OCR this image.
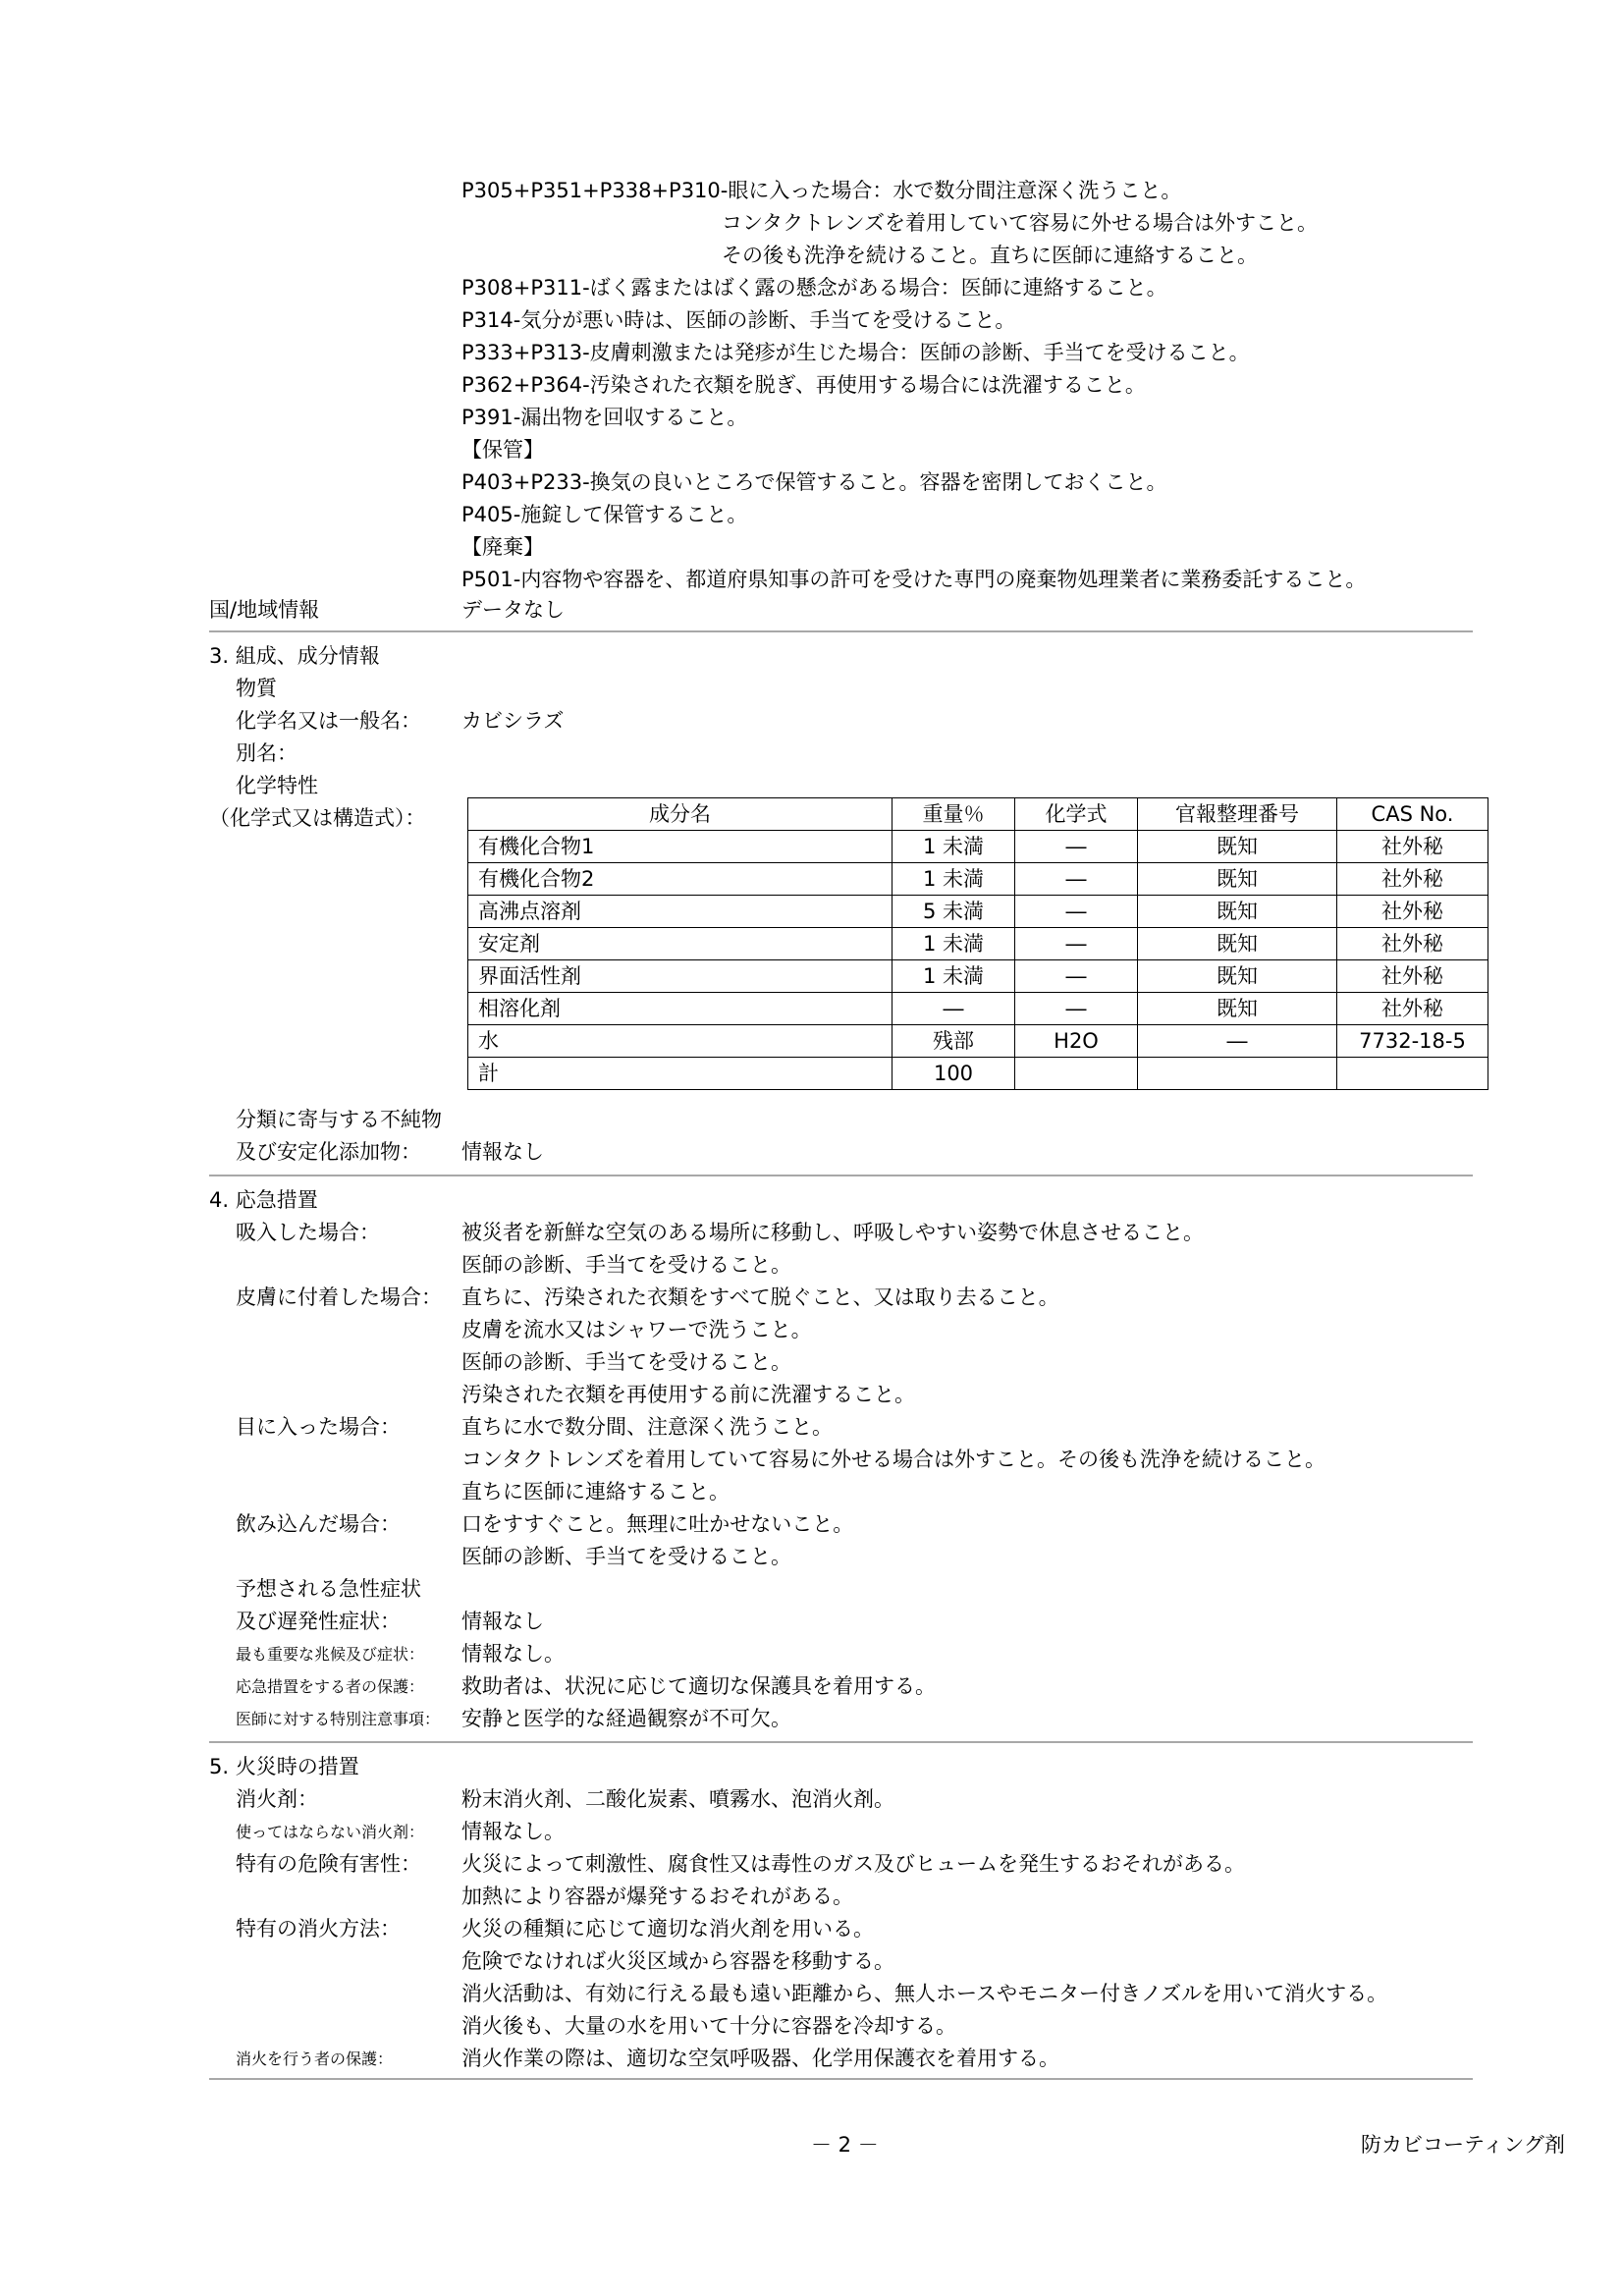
P305+P351+P338+P310-眼に入った場合：水で数分間注意深く洗うこと。
コンタクトレンズを着用していて容易に外せる場合は外すこと。
その後も洗浄を続けること。直ちに医師に連絡すること。
P308+P311-ばく露またはばく露の懸念がある場合：医師に連絡すること。
P314-気分が悪い時は、医師の診断、手当てを受けること。
P333+P313-皮膚刺激または発疹が生じた場合：医師の診断、手当てを受けること。
P362+P364-汚染された衣類を脱ぎ、再使用する場合には洗濯すること。
P391-漏出物を回収すること。
【保管】
P403+P233-換気の良いところで保管すること。容器を密閉しておくこと。
P405-施錠して保管すること。
【廃棄】
P501-内容物や容器を、都道府県知事の許可を受けた専門の廃棄物処理業者に業務委託すること。
国/地域情報	データなし
3. 組成、成分情報
物質
化学名又は一般名： カビシラズ
別名：
化学特性
（化学式又は構造式）：	成分名	重量％	化学式	官報整理番号	CAS No.
有機化合物1	1 未満	―	既知	社外秘
有機化合物2	1 未満	―	既知	社外秘
高沸点溶剤	5 未満	―	既知	社外秘
安定剤	1 未満	―	既知	社外秘
界面活性剤	1 未満	―	既知	社外秘
相溶化剤	―	―	既知	社外秘
水	残部	H2O	―	7732-18-5
計	100			
分類に寄与する不純物
及び安定化添加物： 情報なし
4. 応急措置
吸入した場合：	被災者を新鮮な空気のある場所に移動し、呼吸しやすい姿勢で休息させること。
医師の診断、手当てを受けること。
皮膚に付着した場合： 直ちに、汚染された衣類をすべて脱ぐこと、又は取り去ること。
皮膚を流水又はシャワーで洗うこと。
医師の診断、手当てを受けること。
汚染された衣類を再使用する前に洗濯すること。
目に入った場合：	直ちに水で数分間、注意深く洗うこと。
コンタクトレンズを着用していて容易に外せる場合は外すこと。その後も洗浄を続けること。
直ちに医師に連絡すること。
飲み込んだ場合：	口をすすぐこと。無理に吐かせないこと。
医師の診断、手当てを受けること。
予想される急性症状
及び遅発性症状：	情報なし
最も重要な兆候及び症状： 情報なし。
応急措置をする者の保護： 救助者は、状況に応じて適切な保護具を着用する。
医師に対する特別注意事項： 安静と医学的な経過観察が不可欠。
5. 火災時の措置
消火剤：	粉末消火剤、二酸化炭素、噴霧水、泡消火剤。
使ってはならない消火剤： 情報なし。
特有の危険有害性： 火災によって刺激性、腐食性又は毒性のガス及びヒュームを発生するおそれがある。
加熱により容器が爆発するおそれがある。
特有の消火方法：	火災の種類に応じて適切な消火剤を用いる。
危険でなければ火災区域から容器を移動する。
消火活動は、有効に行える最も遠い距離から、無人ホースやモニター付きノズルを用いて消火する。
消火後も、大量の水を用いて十分に容器を冷却する。
消火を行う者の保護：	消火作業の際は、適切な空気呼吸器、化学用保護衣を着用する。
－ 2 －	防カビコーティング剤
